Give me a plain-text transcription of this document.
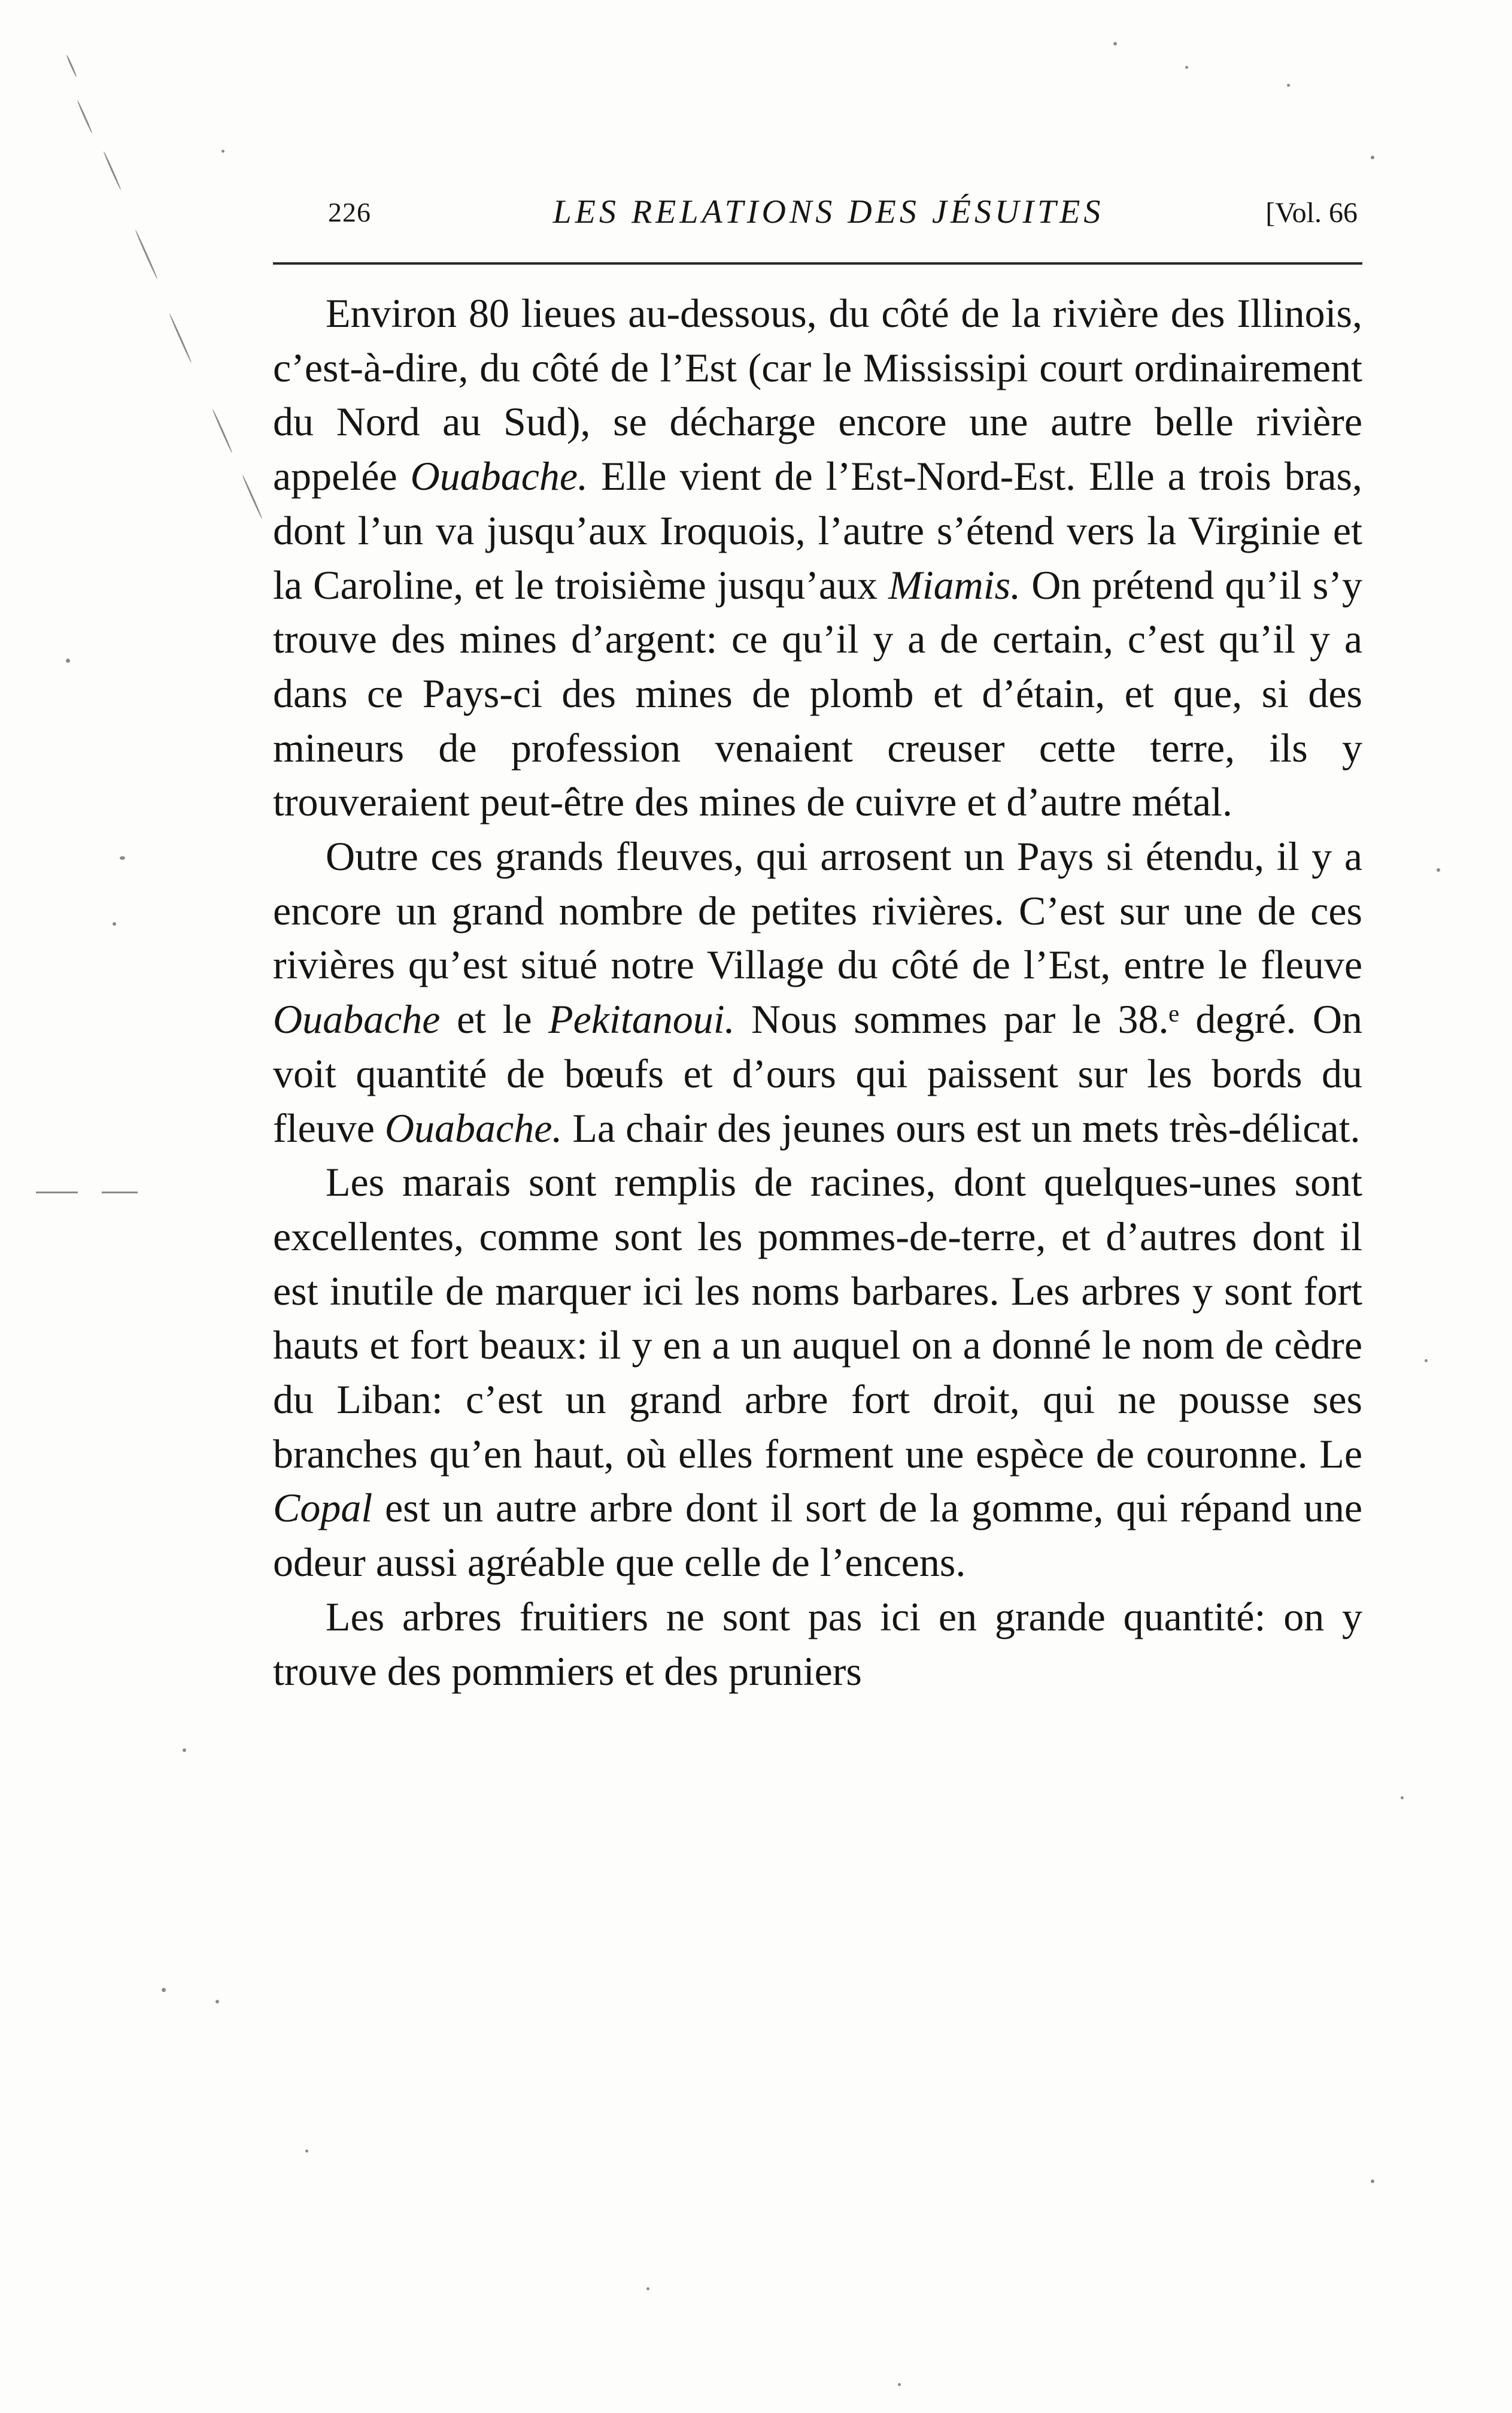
226	LES RELATIONS DES JÉSUITES	[Vol. 66

Environ 80 lieues au-dessous, du côté de la rivière des Illinois, c’est-à-dire, du côté de l’Est (car le Mississipi court ordinairement du Nord au Sud), se décharge encore une autre belle rivière appelée Ouabache. Elle vient de l’Est-Nord-Est. Elle a trois bras, dont l’un va jusqu’aux Iroquois, l’autre s’étend vers la Virginie et la Caroline, et le troisième jusqu’aux Miamis. On prétend qu’il s’y trouve des mines d’argent: ce qu’il y a de certain, c’est qu’il y a dans ce Pays-ci des mines de plomb et d’étain, et que, si des mineurs de profession venaient creuser cette terre, ils y trouveraient peut-être des mines de cuivre et d’autre métal.

Outre ces grands fleuves, qui arrosent un Pays si étendu, il y a encore un grand nombre de petites rivières. C’est sur une de ces rivières qu’est situé notre Village du côté de l’Est, entre le fleuve Ouabache et le Pekitanoui. Nous sommes par le 38.ᵉ degré. On voit quantité de bœufs et d’ours qui paissent sur les bords du fleuve Ouabache. La chair des jeunes ours est un mets très-délicat.

Les marais sont remplis de racines, dont quelques-unes sont excellentes, comme sont les pommes-de-terre, et d’autres dont il est inutile de marquer ici les noms barbares. Les arbres y sont fort hauts et fort beaux: il y en a un auquel on a donné le nom de cèdre du Liban: c’est un grand arbre fort droit, qui ne pousse ses branches qu’en haut, où elles forment une espèce de couronne. Le Copal est un autre arbre dont il sort de la gomme, qui répand une odeur aussi agréable que celle de l’encens.

Les arbres fruitiers ne sont pas ici en grande quantité: on y trouve des pommiers et des pruniers
